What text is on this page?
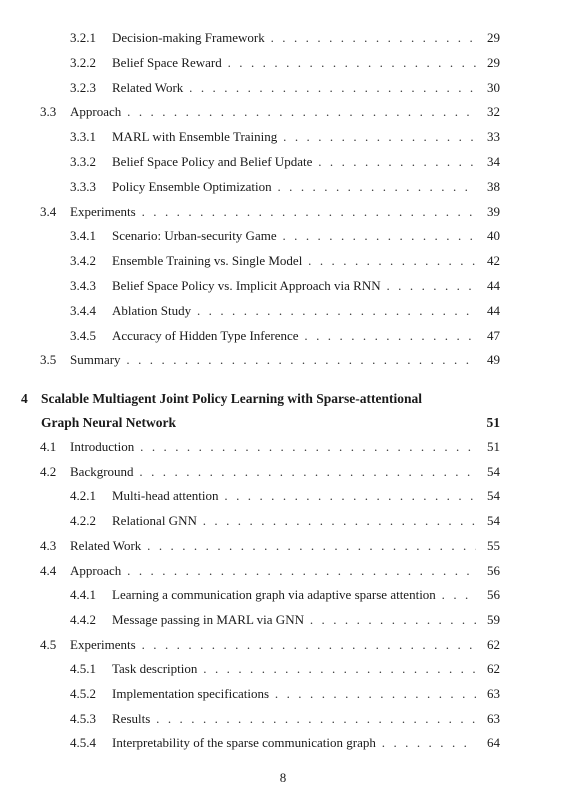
3.2.1 Decision-making Framework . . .	29
3.2.2 Belief Space Reward . . .	29
3.2.3 Related Work . . .	30
3.3 Approach . . .	32
3.3.1 MARL with Ensemble Training . . .	33
3.3.2 Belief Space Policy and Belief Update . . .	34
3.3.3 Policy Ensemble Optimization . . .	38
3.4 Experiments . . .	39
3.4.1 Scenario: Urban-security Game . . .	40
3.4.2 Ensemble Training vs. Single Model . . .	42
3.4.3 Belief Space Policy vs. Implicit Approach via RNN . . .	44
3.4.4 Ablation Study . . .	44
3.4.5 Accuracy of Hidden Type Inference . . .	47
3.5 Summary . . .	49
4 Scalable Multiagent Joint Policy Learning with Sparse-attentional
Graph Neural Network	51
4.1 Introduction . . .	51
4.2 Background . . .	54
4.2.1 Multi-head attention . . .	54
4.2.2 Relational GNN . . .	54
4.3 Related Work . . .	55
4.4 Approach . . .	56
4.4.1 Learning a communication graph via adaptive sparse attention . . .	56
4.4.2 Message passing in MARL via GNN . . .	59
4.5 Experiments . . .	62
4.5.1 Task description . . .	62
4.5.2 Implementation specifications . . .	63
4.5.3 Results . . .	63
4.5.4 Interpretability of the sparse communication graph . . .	64
8
